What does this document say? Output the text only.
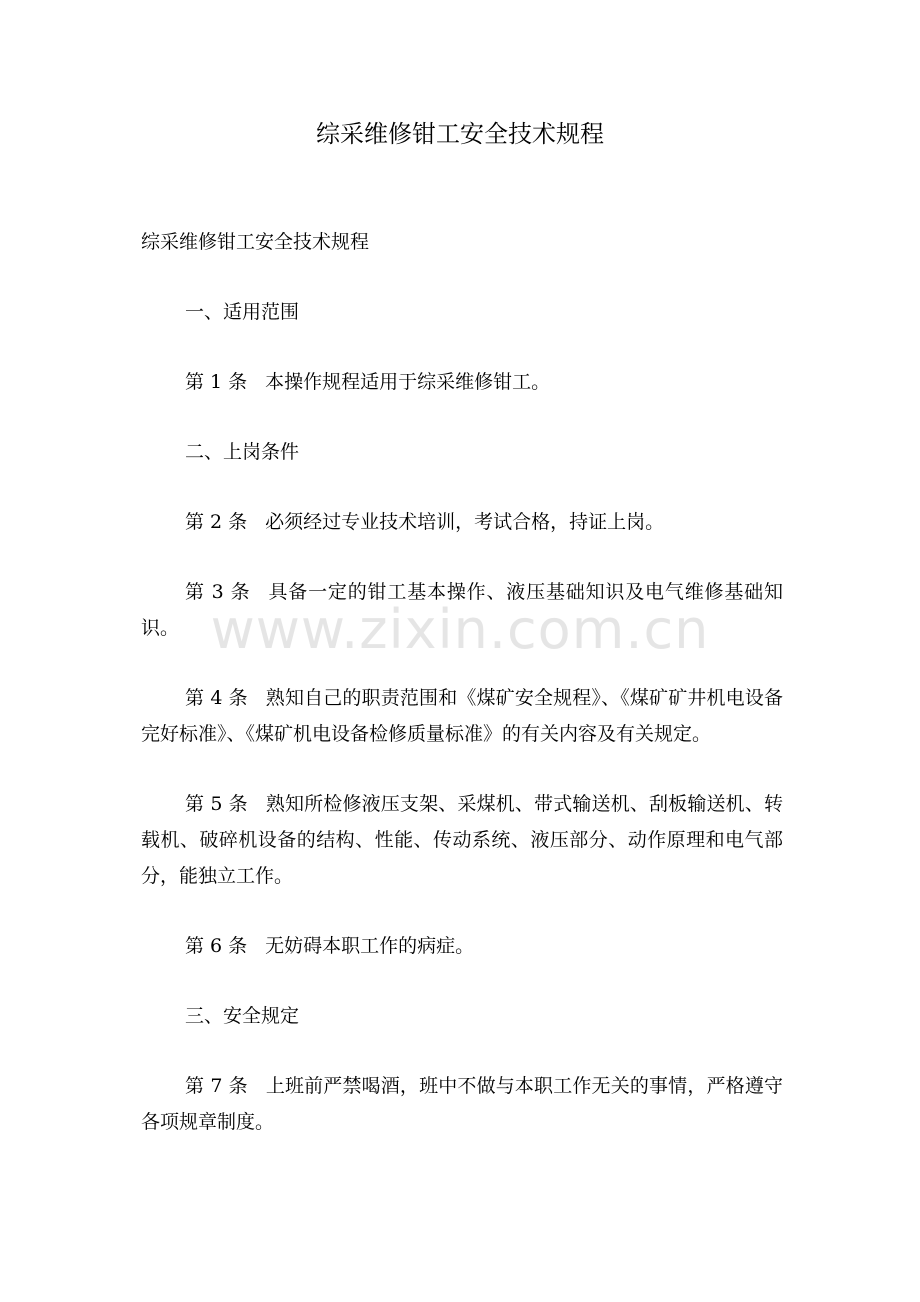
综采维修钳工安全技术规程

综采维修钳工安全技术规程

一、适用范围

第 1 条 本操作规程适用于综采维修钳工。

二、上岗条件

第 2 条 必须经过专业技术培训，考试合格，持证上岗。

第 3 条 具备一定的钳工基本操作、液压基础知识及电气维修基础知识。

第 4 条 熟知自己的职责范围和《煤矿安全规程》、《煤矿矿井机电设备完好标准》、《煤矿机电设备检修质量标准》的有关内容及有关规定。

第 5 条 熟知所检修液压支架、采煤机、带式输送机、刮板输送机、转载机、破碎机设备的结构、性能、传动系统、液压部分、动作原理和电气部分，能独立工作。

第 6 条 无妨碍本职工作的病症。

三、安全规定

第 7 条 上班前严禁喝酒，班中不做与本职工作无关的事情，严格遵守各项规章制度。

www.zixin.com.cn
